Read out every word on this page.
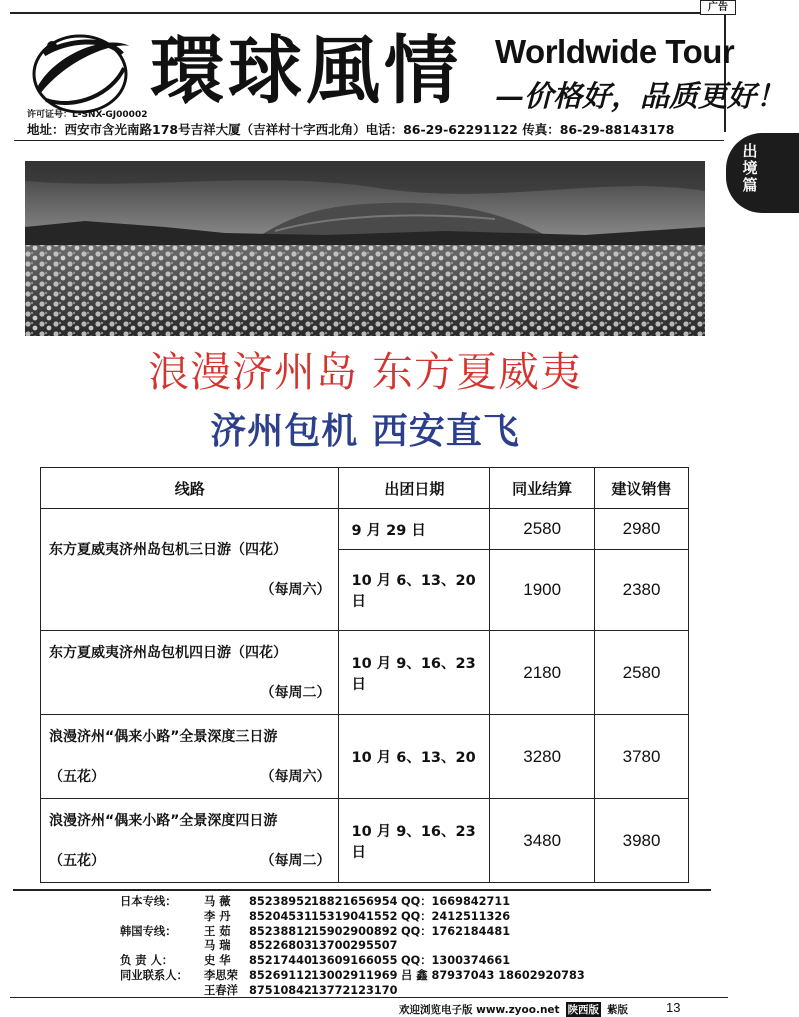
广告
環球風情 Worldwide Tour
—价格好，品质更好！
许可证号：L-SNX-GJ00002
地址：西安市含光南路178号吉祥大厦（吉祥村十字西北角）电话：86-29-62291122 传真：86-29-88143178
出境篇
浪漫济州岛 东方夏威夷
济州包机 西安直飞
线路	出团日期	同业结算	建议销售

东方夏威夷济州岛包机三日游（四花）
（每周六）	9 月 29 日	2580	2980
	10 月 6、13、20 日	1900	2380

东方夏威夷济州岛包机四日游（四花）
（每周二）	10 月 9、16、23 日	2180	2580

浪漫济州“偶来小路”全景深度三日游
（五花） （每周六）	10 月 6、13、20	3280	3780

浪漫济州“偶来小路”全景深度四日游
（五花） （每周二）	10 月 9、16、23 日	3480	3980
日本专线：	马 薇	85238952 18821656954 QQ：1669842711
李 丹	85204531 15319041552 QQ：2412511326
韩国专线：	王 茹	85238812 15902900892 QQ：1762184481
马 瑞	85226803 13700295507
负 责 人：	史 华	85217440 13609166055 QQ：1300374661
同业联系人：	李思荣 85269112 13002911969 吕 鑫 87937043 18602920783
王春洋 87510842 13772123170
欢迎浏览电子版 www.zyoo.net 陕西版 紫版	13
